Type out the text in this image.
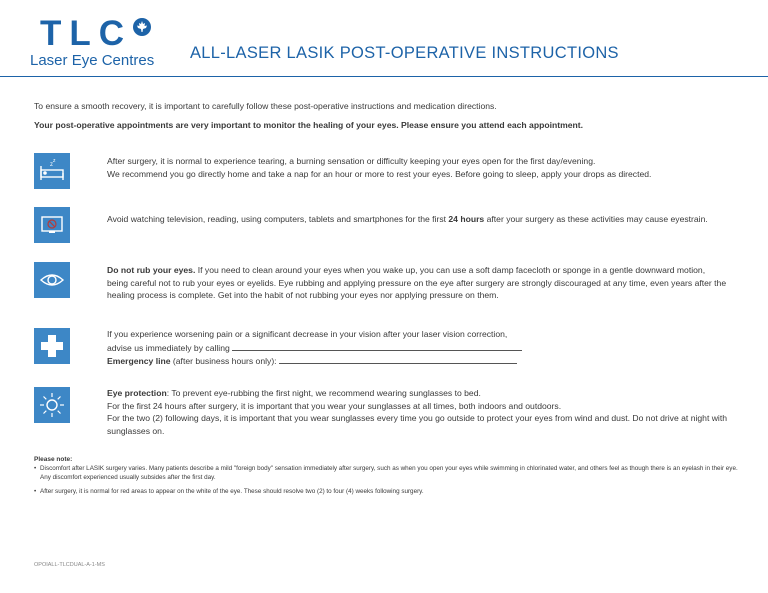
TLC
Laser Eye Centres ALL-LASER LASIK POST-OPERATIVE INSTRUCTIONS
To ensure a smooth recovery, it is important to carefully follow these post-operative instructions and medication directions.
Your post-operative appointments are very important to monitor the healing of your eyes. Please ensure you attend each appointment.
z
z	After surgery, it is normal to experience tearing, a burning sensation or difficulty keeping your eyes open for the first day/evening.
We recommend you go directly home and take a nap for an hour or more to rest your eyes. Before going to sleep, apply your drops as directed.
Avoid watching television, reading, using computers, tablets and smartphones for the first 24 hours after your surgery as these activities may cause eyestrain.
Do not rub your eyes. If you need to clean around your eyes when you wake up, you can use a soft damp facecloth or sponge in a gentle downward motion, being careful not to rub your eyes or eyelids. Eye rubbing and applying pressure on the eye after surgery are strongly discouraged at any time, even years after the healing process is complete. Get into the habit of not rubbing your eyes nor applying pressure on them.
If you experience worsening pain or a significant decrease in your vision after your laser vision correction,
advise us immediately by calling
Emergency line (after business hours only):
Eye protection: To prevent eye-rubbing the first night, we recommend wearing sunglasses to bed.
For the first 24 hours after surgery, it is important that you wear your sunglasses at all times, both indoors and outdoors.
For the two (2) following days, it is important that you wear sunglasses every time you go outside to protect your eyes from wind and dust. Do not drive at night with sunglasses on.
Please note:
• Discomfort after LASIK surgery varies. Many patients describe a mild "foreign body" sensation immediately after surgery, such as when you open your eyes while swimming in chlorinated water, and others feel as though there is an eyelash in their eye. Any discomfort experienced usually subsides after the first day.
• After surgery, it is normal for red areas to appear on the white of the eye. These should resolve two (2) to four (4) weeks following surgery.
OPOIALL-TLCDUAL-A-1-MS
